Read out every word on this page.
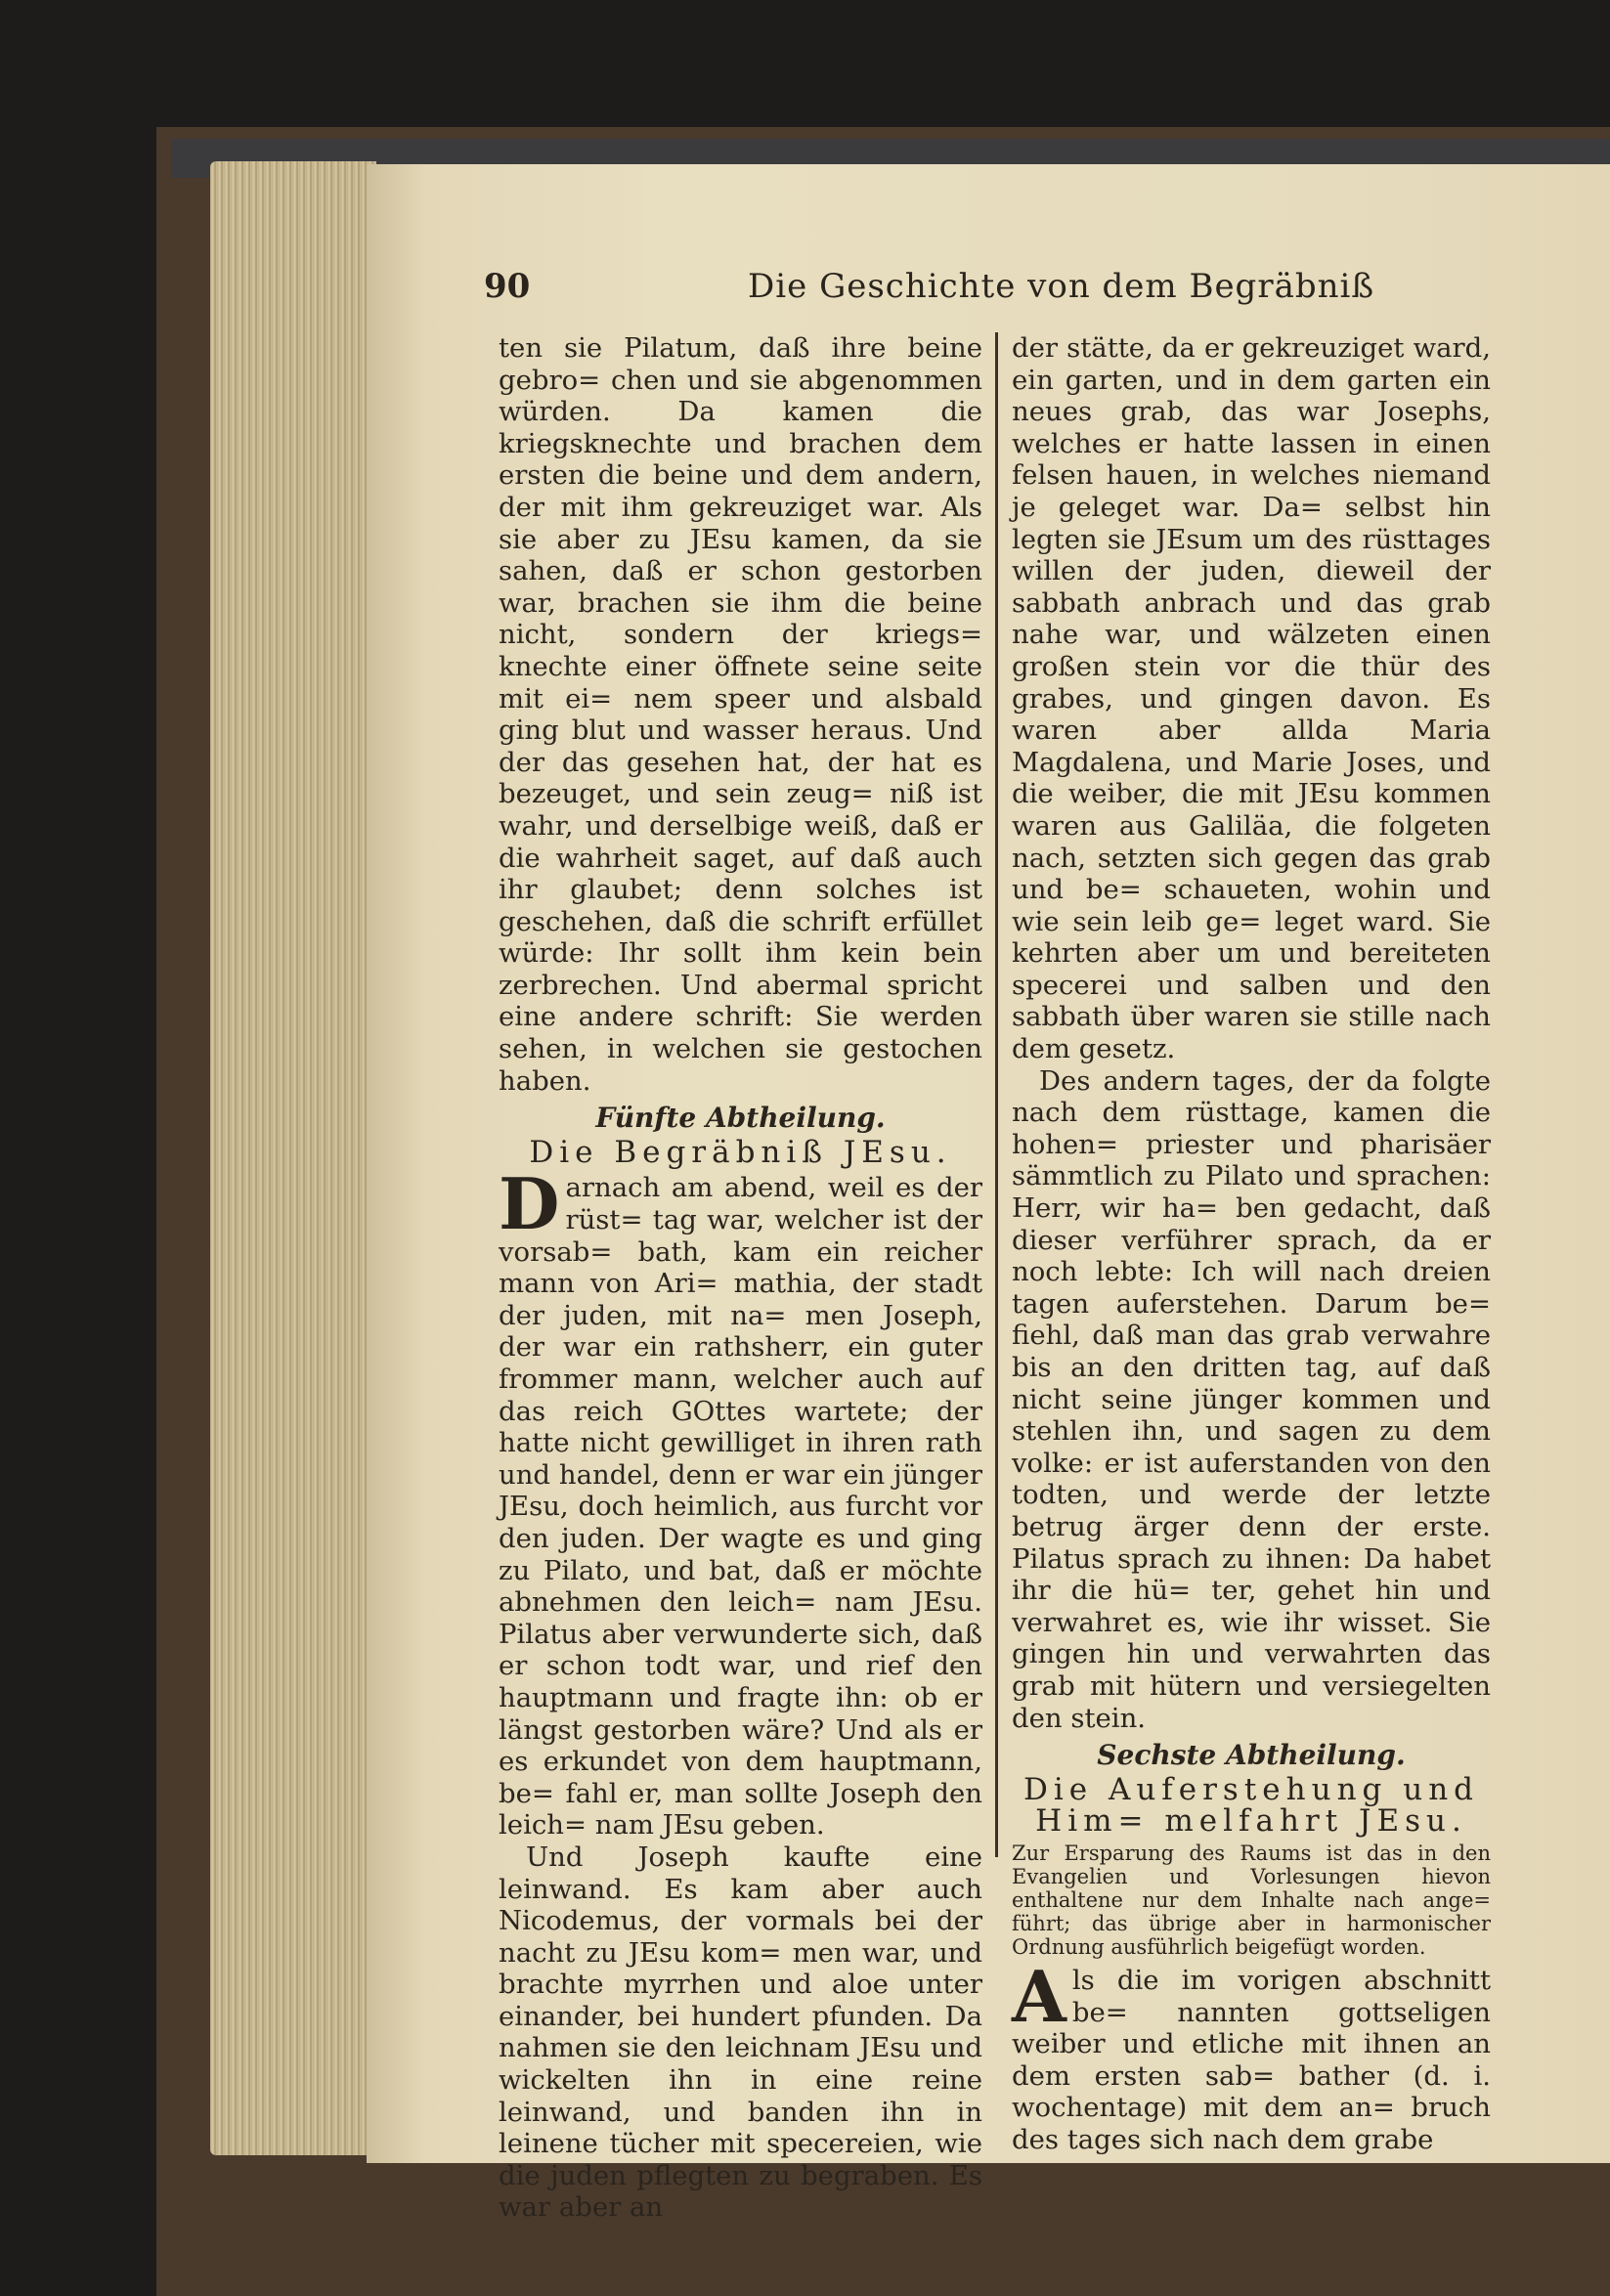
90	Die Geschichte von dem Begräbniß

ten sie Pilatum, daß ihre beine gebro= chen und sie abgenommen würden. Da kamen die kriegsknechte und brachen dem ersten die beine und dem andern, der mit ihm gekreuziget war. Als sie aber zu JEsu kamen, da sie sahen, daß er schon gestorben war, brachen sie ihm die beine nicht, sondern der kriegs= knechte einer öffnete seine seite mit ei= nem speer und alsbald ging blut und wasser heraus. Und der das gesehen hat, der hat es bezeuget, und sein zeug= niß ist wahr, und derselbige weiß, daß er die wahrheit saget, auf daß auch ihr glaubet; denn solches ist geschehen, daß die schrift erfüllet würde: Ihr sollt ihm kein bein zerbrechen. Und abermal spricht eine andere schrift: Sie werden sehen, in welchen sie gestochen haben.

Fünfte Abtheilung.
Die Begräbniß JEsu.

Darnach am abend, weil es der rüst= tag war, welcher ist der vorsab= bath, kam ein reicher mann von Ari= mathia, der stadt der juden, mit na= men Joseph, der war ein rathsherr, ein guter frommer mann, welcher auch auf das reich GOttes wartete; der hatte nicht gewilliget in ihren rath und handel, denn er war ein jünger JEsu, doch heimlich, aus furcht vor den juden. Der wagte es und ging zu Pilato, und bat, daß er möchte abnehmen den leich= nam JEsu. Pilatus aber verwunderte sich, daß er schon todt war, und rief den hauptmann und fragte ihn: ob er längst gestorben wäre? Und als er es erkundet von dem hauptmann, be= fahl er, man sollte Joseph den leich= nam JEsu geben.

Und Joseph kaufte eine leinwand. Es kam aber auch Nicodemus, der vormals bei der nacht zu JEsu kom= men war, und brachte myrrhen und aloe unter einander, bei hundert pfunden. Da nahmen sie den leichnam JEsu und wickelten ihn in eine reine leinwand, und banden ihn in leinene tücher mit specereien, wie die juden pflegten zu begraben. Es war aber an

der stätte, da er gekreuziget ward, ein garten, und in dem garten ein neues grab, das war Josephs, welches er hatte lassen in einen felsen hauen, in welches niemand je geleget war. Da= selbst hin legten sie JEsum um des rüsttages willen der juden, dieweil der sabbath anbrach und das grab nahe war, und wälzeten einen großen stein vor die thür des grabes, und gingen davon. Es waren aber allda Maria Magdalena, und Marie Joses, und die weiber, die mit JEsu kommen waren aus Galiläa, die folgeten nach, setzten sich gegen das grab und be= schaueten, wohin und wie sein leib ge= leget ward. Sie kehrten aber um und bereiteten specerei und salben und den sabbath über waren sie stille nach dem gesetz.

Des andern tages, der da folgte nach dem rüsttage, kamen die hohen= priester und pharisäer sämmtlich zu Pilato und sprachen: Herr, wir ha= ben gedacht, daß dieser verführer sprach, da er noch lebte: Ich will nach dreien tagen auferstehen. Darum be= fiehl, daß man das grab verwahre bis an den dritten tag, auf daß nicht seine jünger kommen und stehlen ihn, und sagen zu dem volke: er ist auferstanden von den todten, und werde der letzte betrug ärger denn der erste. Pilatus sprach zu ihnen: Da habet ihr die hü= ter, gehet hin und verwahret es, wie ihr wisset. Sie gingen hin und verwahrten das grab mit hütern und versiegelten den stein.

Sechste Abtheilung.
Die Auferstehung und Him= melfahrt JEsu.
Zur Ersparung des Raums ist das in den Evangelien und Vorlesungen hievon enthaltene nur dem Inhalte nach ange= führt; das übrige aber in harmonischer Ordnung ausführlich beigefügt worden.

Als die im vorigen abschnitt be= nannten gottseligen weiber und etliche mit ihnen an dem ersten sab= bather (d. i. wochentage) mit dem an= bruch des tages sich nach dem grabe
